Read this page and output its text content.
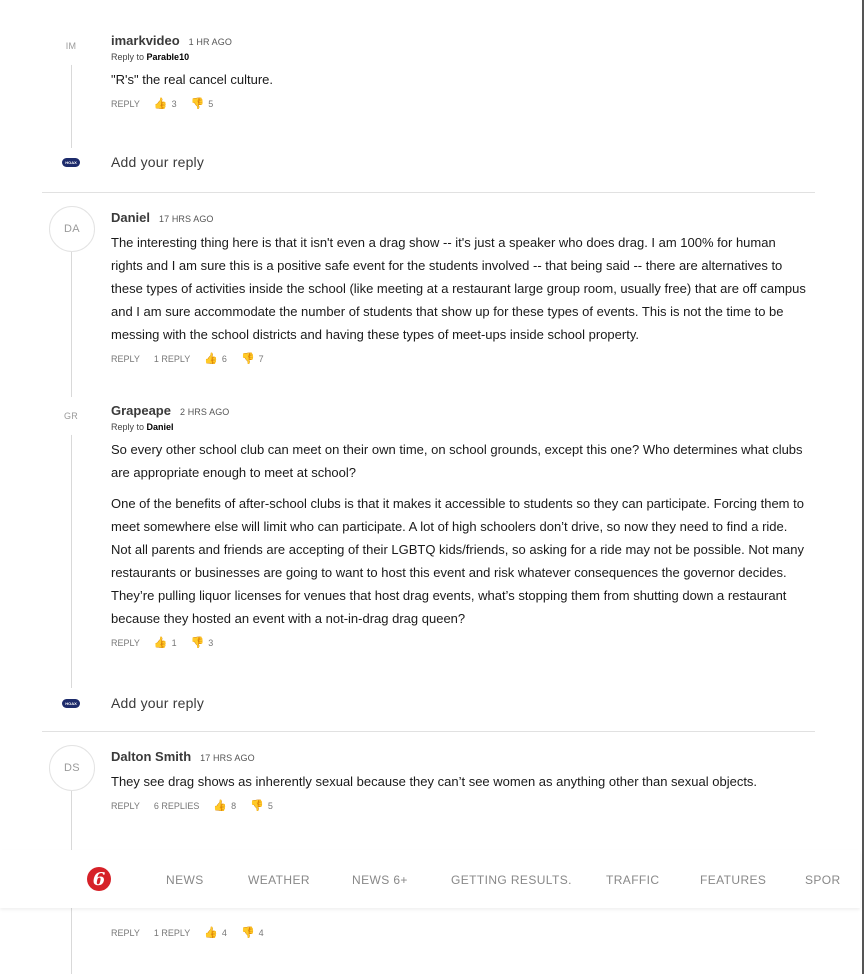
IM	imarkvideo 1 HR AGO
Reply to Parable10

"R's" the real cancel culture.

REPLY 👍 3 👎 5
HOAX Add your reply
DA
Daniel 17 HRS AGO

The interesting thing here is that it isn't even a drag show -- it's just a speaker who does drag. I am 100% for human rights and I am sure this is a positive safe event for the students involved -- that being said -- there are alternatives to these types of activities inside the school (like meeting at a restaurant large group room, usually free) that are off campus and I am sure accommodate the number of students that show up for these types of events. This is not the time to be messing with the school districts and having these types of meet-ups inside school property.

REPLY 1 REPLY 👍 6 👎 7
GR	Grapeape 2 HRS AGO
Reply to Daniel

So every other school club can meet on their own time, on school grounds, except this one? Who determines what clubs are appropriate enough to meet at school?

One of the benefits of after-school clubs is that it makes it accessible to students so they can participate. Forcing them to meet somewhere else will limit who can participate. A lot of high schoolers don’t drive, so now they need to find a ride. Not all parents and friends are accepting of their LGBTQ kids/friends, so asking for a ride may not be possible. Not many restaurants or businesses are going to want to host this event and risk whatever consequences the governor decides. They’re pulling liquor licenses for venues that host drag events, what’s stopping them from shutting down a restaurant because they hosted an event with a not-in-drag drag queen?

REPLY 👍 1 👎 3
HOAX Add your reply
DS
Dalton Smith 17 HRS AGO

They see drag shows as inherently sexual because they can’t see women as anything other than sexual objects.

REPLY 6 REPLIES 👍 8 👎 5
REPLY 1 REPLY 👍 4 👎 4
6	NEWS	WEATHER	NEWS 6+	GETTING RESULTS.	TRAFFIC	FEATURES	SPOR
